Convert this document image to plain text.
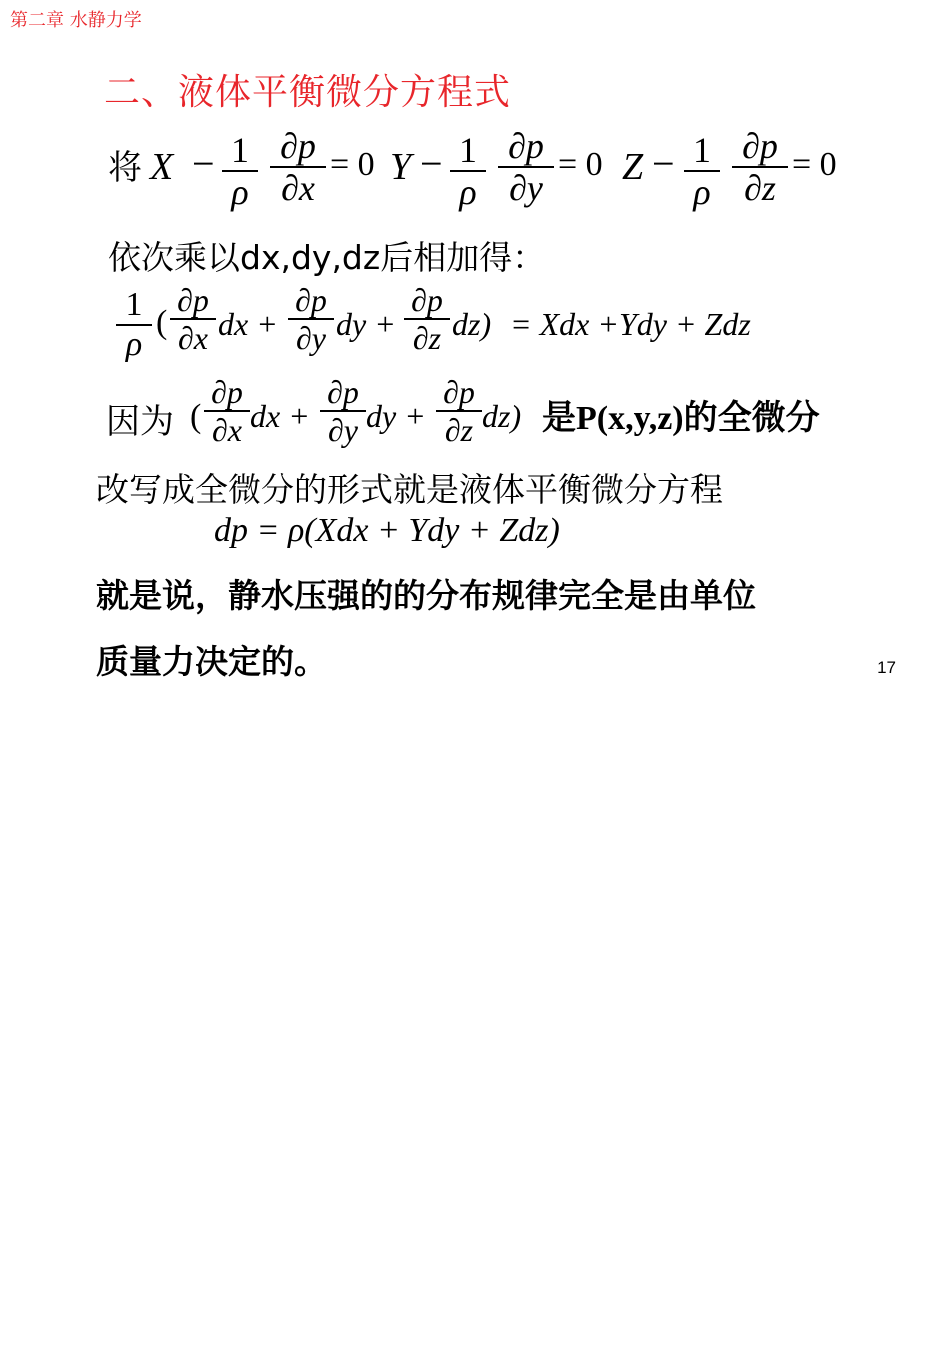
第二章 水静力学
二、液体平衡微分方程式
将 X − 1
ρ
∂p
∂x
= 0 Y − 1
ρ
∂p
∂y
= 0 Z − 1
ρ
∂p
∂z
= 0
依次乘以dx,dy,dz后相加得：
1
ρ
(
∂p
∂x dx +
∂p
∂y dy +
∂p
∂z dz) = Xdx +Ydy + Zdz
因为 (
∂p
∂x dx +
∂p
∂y dy +
∂p
∂z dz) 是P(x,y,z)的全微分
改写成全微分的形式就是液体平衡微分方程
dp = ρ(Xdx + Ydy + Zdz)
就是说，静水压强的的分布规律完全是由单位
质量力决定的。	17
